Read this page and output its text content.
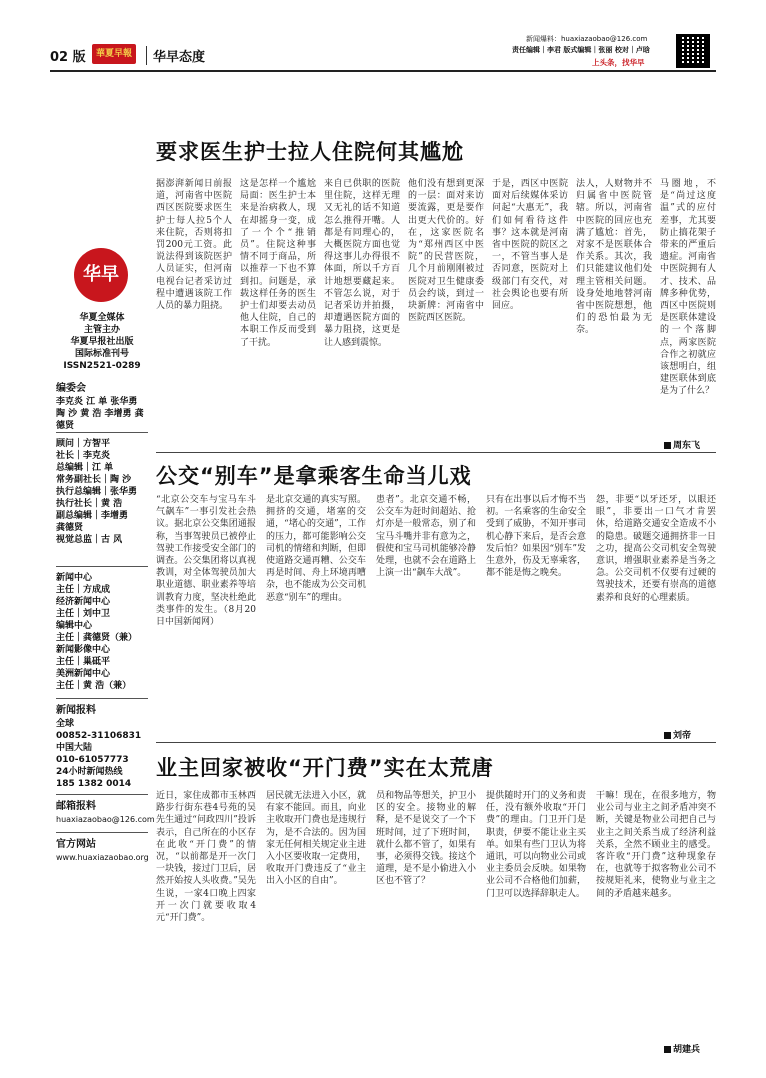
02 版	華夏早報	华早态度
新闻爆料：huaxiazaobao@126.com
责任编辑｜李君 版式编辑｜张丽 校对｜卢晗
上头条，找华早
华早
华夏全媒体
主管主办
华夏早报社出版
国际标准刊号
ISSN2521-0289
编委会
李克炎 江 单 张华勇 陶 沙 黄 浩 李增勇 龚德贤
顾问｜方智平
社长｜李克炎
总编辑｜江 单
常务副社长｜陶 沙
执行总编辑｜张华勇
执行社长｜黄 浩
副总编辑｜李增勇
龚德贤
视觉总监｜古 风
新闻中心
主任｜方成成
经济新闻中心
主任｜刘中卫
编辑中心
主任｜龚德贤（兼）
新闻影像中心
主任｜巢砥平
美洲新闻中心
主任｜黄 浩（兼）
新闻报料
全球
00852-31106831
中国大陆
010-61057773
24小时新闻热线
185 1382 0014
邮箱报料
huaxiazaobao@126.com
官方网站
www.huaxiazaobao.org
要求医生护士拉人住院何其尴尬
据澎湃新闻日前报道，河南省中医院西区医院要求医生护士每人拉5个人来住院，否则将扣罚200元工资。此说法得到该院医护人员证实，但河南电视台记者采访过程中遭遇该院工作人员的暴力阻挠。
这是怎样一个尴尬局面：医生护士本来是治病救人，现在却摇身一变，成了一个个“推销员”。住院这种事情不同于商品，所以推荐一下也不算到扣。问题是，承载这样任务的医生护士们却要去动员他人住院，自己的本职工作反而受到了干扰。
来自已供职的医院里住院，这样无理又无礼的话不知道怎么推得开嘴。人都是有同理心的，大概医院方面也觉得这事儿办得很不体面，所以千方百计地想要藏起来。不管怎么说，对于记者采访并拍摄，却遭遇医院方面的暴力阻挠，这更是让人感到震惊。
他们没有想到更深的一层：面对来访要流露，更是要作出更大代价的。好在，这家医院名为“郑州西区中医院”的民营医院，几个月前刚刚被过医院对卫生健康委员会约谈，到过一块新牌：河南省中医院西区医院。
于是，西区中医院面对后续媒体采访问起“大惠无”，我们如何看待这件事？这本就是河南省中医院的院区之一，不管当事人是否同意，医院对上级部门有交代，对社会舆论也要有所回应。
法人，人财物并不归属省中医院管辖。所以，河南省中医院的回应也充满了尴尬：首先，对家不是医联体合作关系。其次，我们只能建议他们处理主管相关问题。设身处地地替河南省中医院想想，他们的恐怕最为无奈。
马圈地，不是“尚过这度温”式的应付差事，尤其要防止搞花架子带来的严重后遗症。河南省中医院拥有人才、技术、品牌多种优势，西区中医院则是医联体建设的一个落脚点，两家医院合作之初就应该想明白，组建医联体到底是为了什么？
周东飞
公交“别车”是拿乘客生命当儿戏
“北京公交车与宝马车斗气飙车”一事引发社会热议。据北京公交集团通报称，当事驾驶员已被停止驾驶工作接受安全部门的调查。公交集团将以真视教训，对全体驾驶员加大职业道德、职业素养等培训教育力度，坚决杜绝此类事件的发生。（8月20日中国新闻网）
是北京交通的真实写照。拥挤的交通，堵塞的交通，“堵心的交通”，工作的压力，都可能影响公交司机的情绪和判断，但即使道路交通再糟、公交车再是时间、舟上环境再嘈杂，也不能成为公交司机恶意“别车”的理由。
患者”。北京交通不畅，公交车为赶时间超站、抢灯亦是一般常态，别了和宝马斗嘴并非有意为之，假使和宝马司机能够冷静处理，也就不会在道路上上演一出“飙车大战”。
只有在出事以后才悔不当初。一名乘客的生命安全受到了威胁，不知开事司机心静下来后，是否会意发后怕？如果因“别车”发生意外，伤及无辜乘客，都不能是悔之晚矣。
怨，非要“以牙还牙，以眼还眼”，非要出一口气才肯罢休，给道路交通安全造成不小的隐患。破题交通拥挤非一日之功，提高公交司机安全驾驶意识，增强职业素养是当务之急。公交司机不仅要有过硬的驾驶技术，还要有崇高的道德素养和良好的心理素质。
刘帝
业主回家被收“开门费”实在太荒唐
近日，家住成都市玉林西路步行街东巷4号苑的吴先生通过“问政四川”投诉表示，自己所在的小区存在此收“开门费”的情况，“以前都是开一次门一块钱，接过门卫后，居然开始按人头收费。”吴先生说，一家4口晚上四家开一次门就要收取4元“开门费”。
居民就无法进入小区，就有家不能回。而且，向业主收取开门费也是违规行为，是不合法的。因为国家无任何相关规定业主进入小区要收取一定费用，收取开门费违反了“业主出入小区的自由”。
员和物品等想关，护卫小区的安全。接物业的解释，是不是说交了一个下班时间，过了下班时间，就什么都不管了，如果有事，必须得交钱。接这个道理，是不是小偷进入小区也不管了？
提供随时开门的义务和责任，没有额外收取“开门费”的理由。门卫开门是职责，伊要不能让业主买单。如果有些门卫认为将通讯，可以向物业公司或业主委员会反映。如果物业公司不合格他们加薪，门卫可以选择辞职走人。
干嘛！现在，在很多地方，物业公司与业主之间矛盾冲突不断，关键是物业公司把自己与业主之间关系当成了经济利益关系，全然不顾业主的感受。客许收“开门费”这种现象存在，也就等于拟客物业公司不按规矩礼来，使物业与业主之间的矛盾越来越多。
胡建兵
